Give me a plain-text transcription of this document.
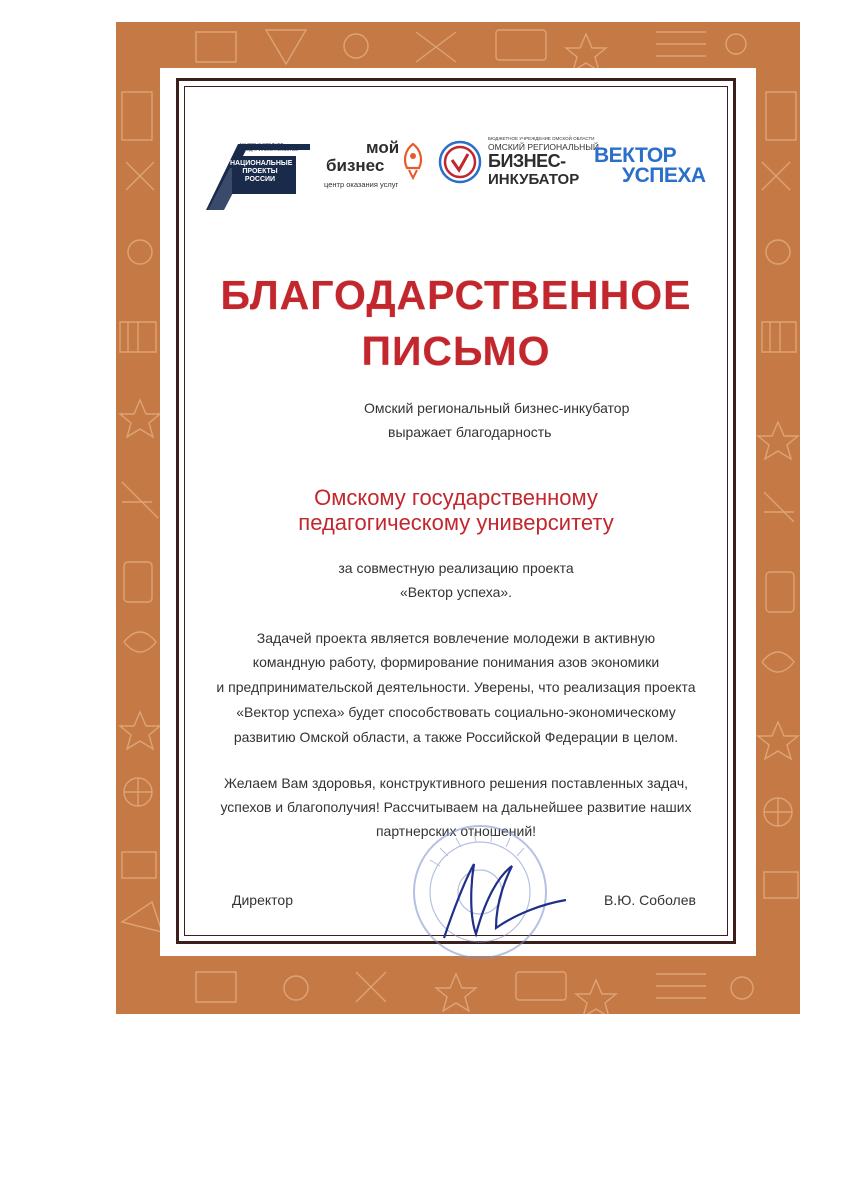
МАЛОЕ И СРЕДНЕЕ ПРЕДПРИНИМАТЕЛЬСТВО
НАЦИОНАЛЬНЫЕ ПРОЕКТЫ РОССИИ
мой
бизнес
центр оказания услуг
БЮДЖЕТНОЕ УЧРЕЖДЕНИЕ ОМСКОЙ ОБЛАСТИ
ОМСКИЙ РЕГИОНАЛЬНЫЙ
БИЗНЕС-
ИНКУБАТОР
ВЕКТОР
УСПЕХА
БЛАГОДАРСТВЕННОЕ
ПИСЬМО
Омский региональный бизнес-инкубатор
выражает благодарность
Омскому государственному
педагогическому университету
за совместную реализацию проекта
«Вектор успеха».
Задачей проекта является вовлечение молодежи в активную
командную работу, формирование понимания азов экономики
и предпринимательской деятельности. Уверены, что реализация проекта
«Вектор успеха» будет способствовать социально-экономическому
развитию Омской области, а также Российской Федерации в целом.
Желаем Вам здоровья, конструктивного решения поставленных задач,
успехов и благополучия! Рассчитываем на дальнейшее развитие наших
партнерских отношений!
Директор	В.Ю. Соболев
